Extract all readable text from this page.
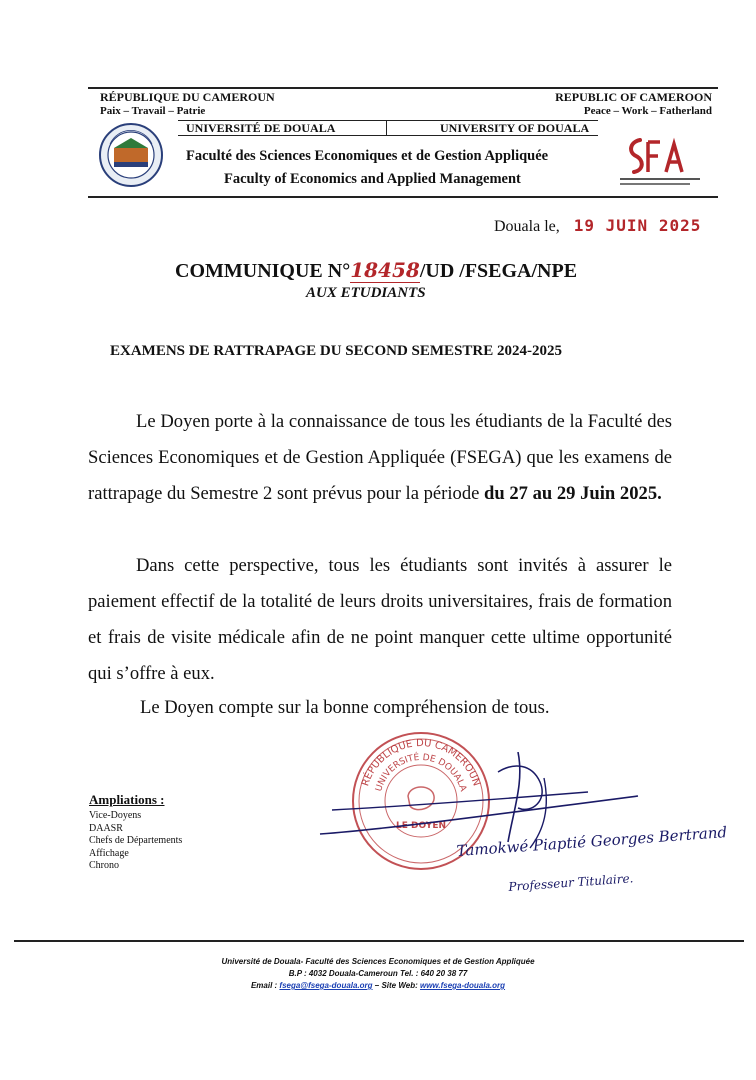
RÉPUBLIQUE DU CAMEROUN
Paix – Travail – Patrie
REPUBLIC OF CAMEROON
Peace – Work – Fatherland
UNIVERSITÉ DE DOUALA	UNIVERSITY OF DOUALA
Faculté des Sciences Economiques et de Gestion Appliquée
Faculty of Economics and Applied Management
Douala le, 19 JUIN 2025
COMMUNIQUE N°18458/UD /FSEGA/NPE
AUX ETUDIANTS
EXAMENS DE RATTRAPAGE DU SECOND SEMESTRE 2024-2025
Le Doyen porte à la connaissance de tous les étudiants de la Faculté des Sciences Economiques et de Gestion Appliquée (FSEGA) que les examens de rattrapage du Semestre 2 sont prévus pour la période du 27 au 29 Juin 2025.
Dans cette perspective, tous les étudiants sont invités à assurer le paiement effectif de la totalité de leurs droits universitaires, frais de formation et frais de visite médicale afin de ne point manquer cette ultime opportunité qui s’offre à eux.
Le Doyen compte sur la bonne compréhension de tous.
Ampliations :
Vice-Doyens
DAASR
Chefs de Départements
Affichage
Chrono
RÉPUBLIQUE DU CAMEROUN
UNIVERSITÉ DE DOUALA
LE DOYEN Tamokwé Piaptié Georges Bertrand
Professeur Titulaire.
Université de Douala- Faculté des Sciences Economiques et de Gestion Appliquée
B.P : 4032 Douala-Cameroun Tel. : 640 20 38 77
Email : fsega@fsega-douala.org – Site Web: www.fsega-douala.org
